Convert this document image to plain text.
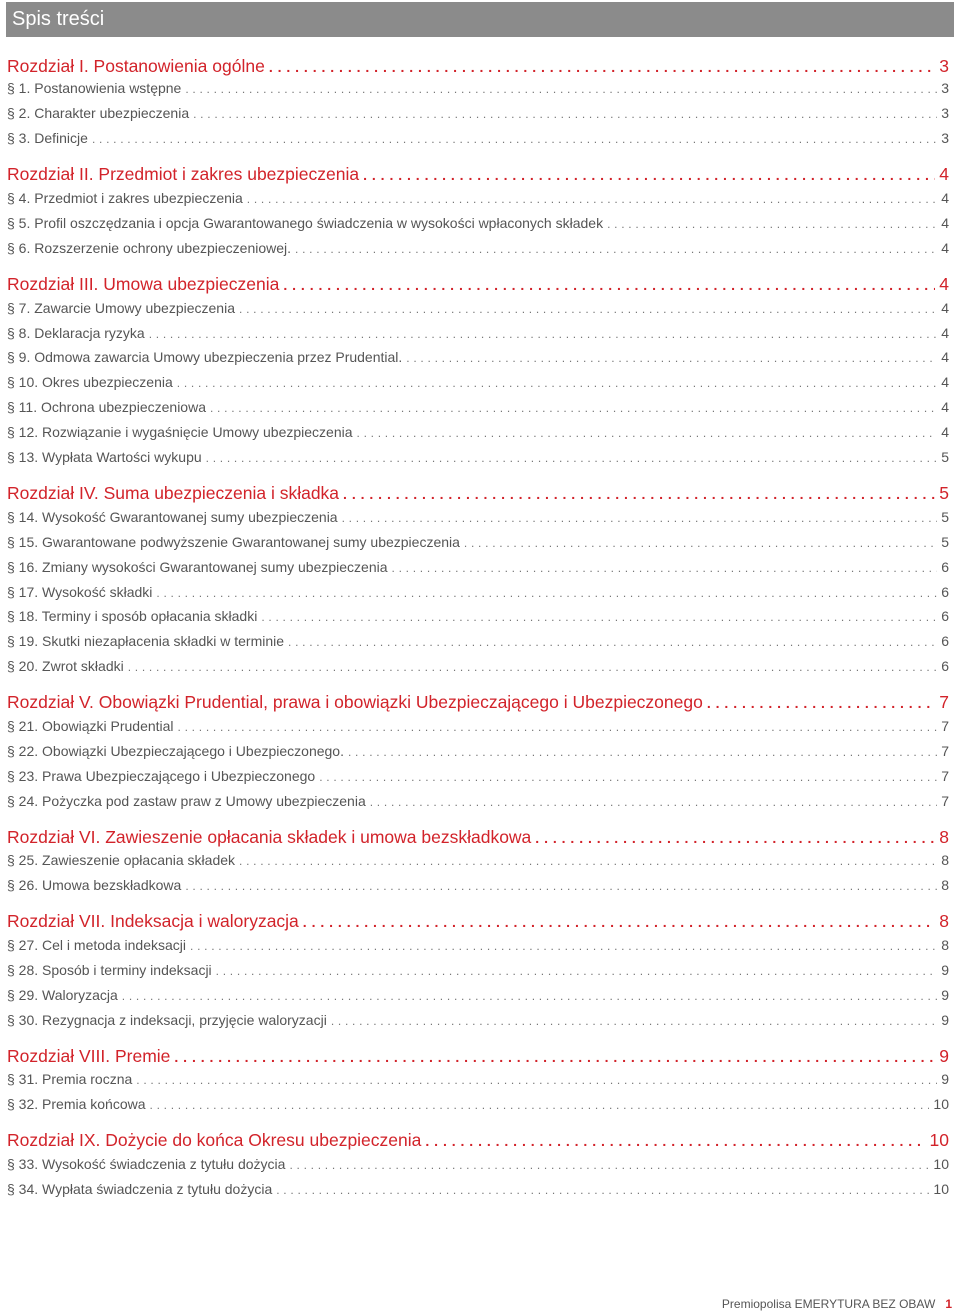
Spis treści
Rozdział I. Postanowienia ogólne . . .	3
§ 1. Postanowienia wstępne . . .	3
§ 2. Charakter ubezpieczenia . . .	3
§ 3. Definicje . . .	3
Rozdział II. Przedmiot i zakres ubezpieczenia . . .	4
§ 4. Przedmiot i zakres ubezpieczenia . . .	4
§ 5. Profil oszczędzania i opcja Gwarantowanego świadczenia w wysokości wpłaconych składek . . .	4
§ 6. Rozszerzenie ochrony ubezpieczeniowej. . . .	4
Rozdział III. Umowa ubezpieczenia . . .	4
§ 7. Zawarcie Umowy ubezpieczenia . . .	4
§ 8. Deklaracja ryzyka . . .	4
§ 9. Odmowa zawarcia Umowy ubezpieczenia przez Prudential. . . .	4
§ 10. Okres ubezpieczenia . . .	4
§ 11. Ochrona ubezpieczeniowa . . .	4
§ 12. Rozwiązanie i wygaśnięcie Umowy ubezpieczenia . . .	4
§ 13. Wypłata Wartości wykupu . . .	5
Rozdział IV. Suma ubezpieczenia i składka . . .	5
§ 14. Wysokość Gwarantowanej sumy ubezpieczenia . . .	5
§ 15. Gwarantowane podwyższenie Gwarantowanej sumy ubezpieczenia . . .	5
§ 16. Zmiany wysokości Gwarantowanej sumy ubezpieczenia . . .	6
§ 17. Wysokość składki . . .	6
§ 18. Terminy i sposób opłacania składki . . .	6
§ 19. Skutki niezapłacenia składki w terminie . . .	6
§ 20. Zwrot składki . . .	6
Rozdział V. Obowiązki Prudential, prawa i obowiązki Ubezpieczającego i Ubezpieczonego . . .	7
§ 21. Obowiązki Prudential . . .	7
§ 22. Obowiązki Ubezpieczającego i Ubezpieczonego. . . .	7
§ 23. Prawa Ubezpieczającego i Ubezpieczonego . . .	7
§ 24. Pożyczka pod zastaw praw z Umowy ubezpieczenia . . .	7
Rozdział VI. Zawieszenie opłacania składek i umowa bezskładkowa . . .	8
§ 25. Zawieszenie opłacania składek . . .	8
§ 26. Umowa bezskładkowa . . .	8
Rozdział VII. Indeksacja i waloryzacja . . .	8
§ 27. Cel i metoda indeksacji . . .	8
§ 28. Sposób i terminy indeksacji . . .	9
§ 29. Waloryzacja . . .	9
§ 30. Rezygnacja z indeksacji, przyjęcie waloryzacji . . .	9
Rozdział VIII. Premie . . .	9
§ 31. Premia roczna . . .	9
§ 32. Premia końcowa . . .	10
Rozdział IX. Dożycie do końca Okresu ubezpieczenia . . .	10
§ 33. Wysokość świadczenia z tytułu dożycia . . .	10
§ 34. Wypłata świadczenia z tytułu dożycia . . .	10
Premiopolisa EMERYTURA BEZ OBAW 1
